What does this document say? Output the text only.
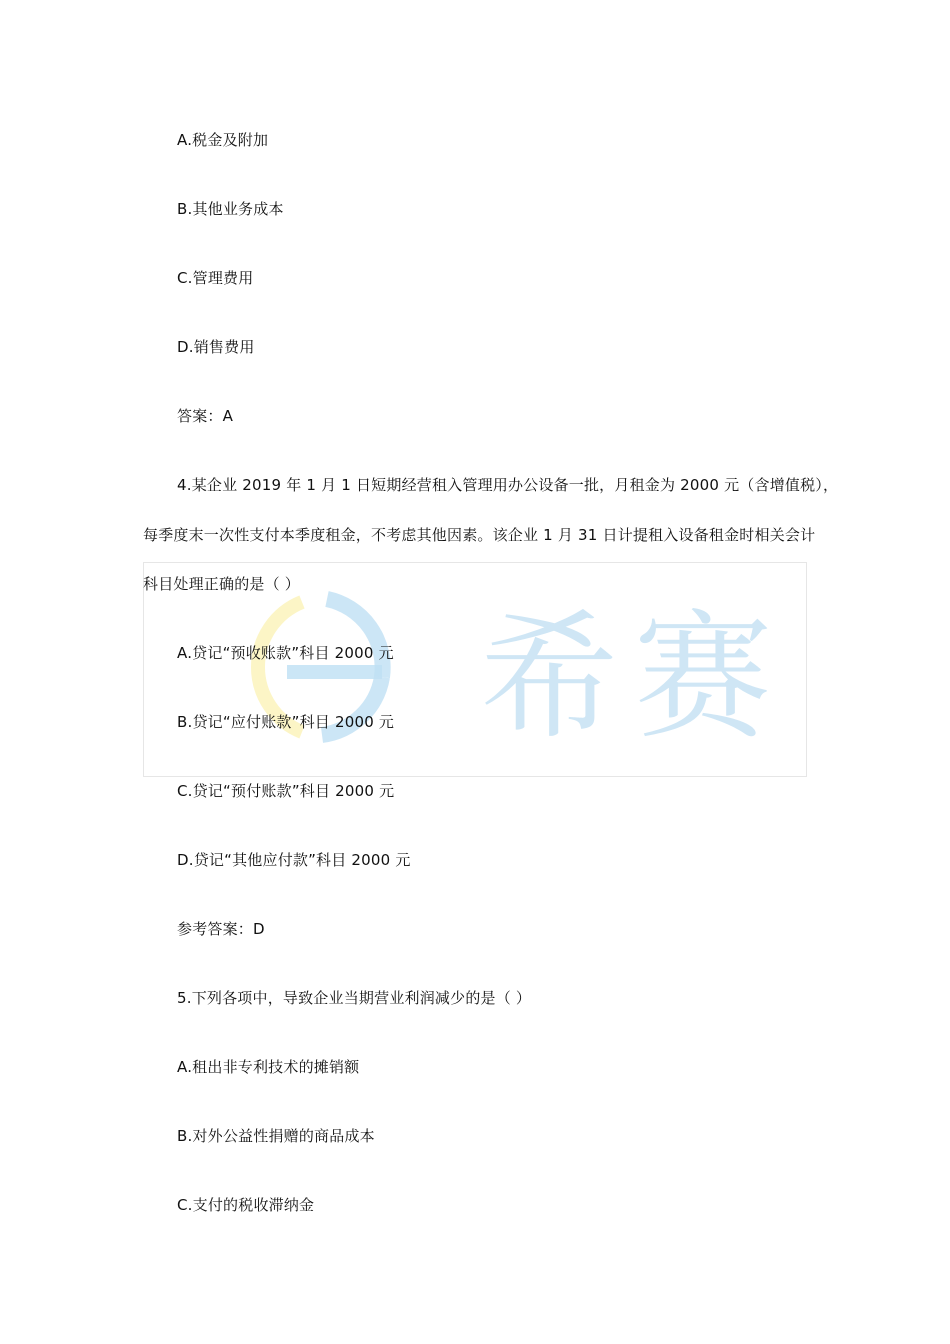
希赛
A.税金及附加
B.其他业务成本
C.管理费用
D.销售费用
答案：A
4.某企业 2019 年 1 月 1 日短期经营租入管理用办公设备一批，月租金为 2000 元（含增值税），
每季度末一次性支付本季度租金，不考虑其他因素。该企业 1 月 31 日计提租入设备租金时相关会计
科目处理正确的是（ ）
A.贷记“预收账款”科目 2000 元
B.贷记“应付账款”科目 2000 元
C.贷记“预付账款”科目 2000 元
D.贷记“其他应付款”科目 2000 元
参考答案：D
5.下列各项中，导致企业当期营业利润减少的是（ ）
A.租出非专利技术的摊销额
B.对外公益性捐赠的商品成本
C.支付的税收滞纳金
